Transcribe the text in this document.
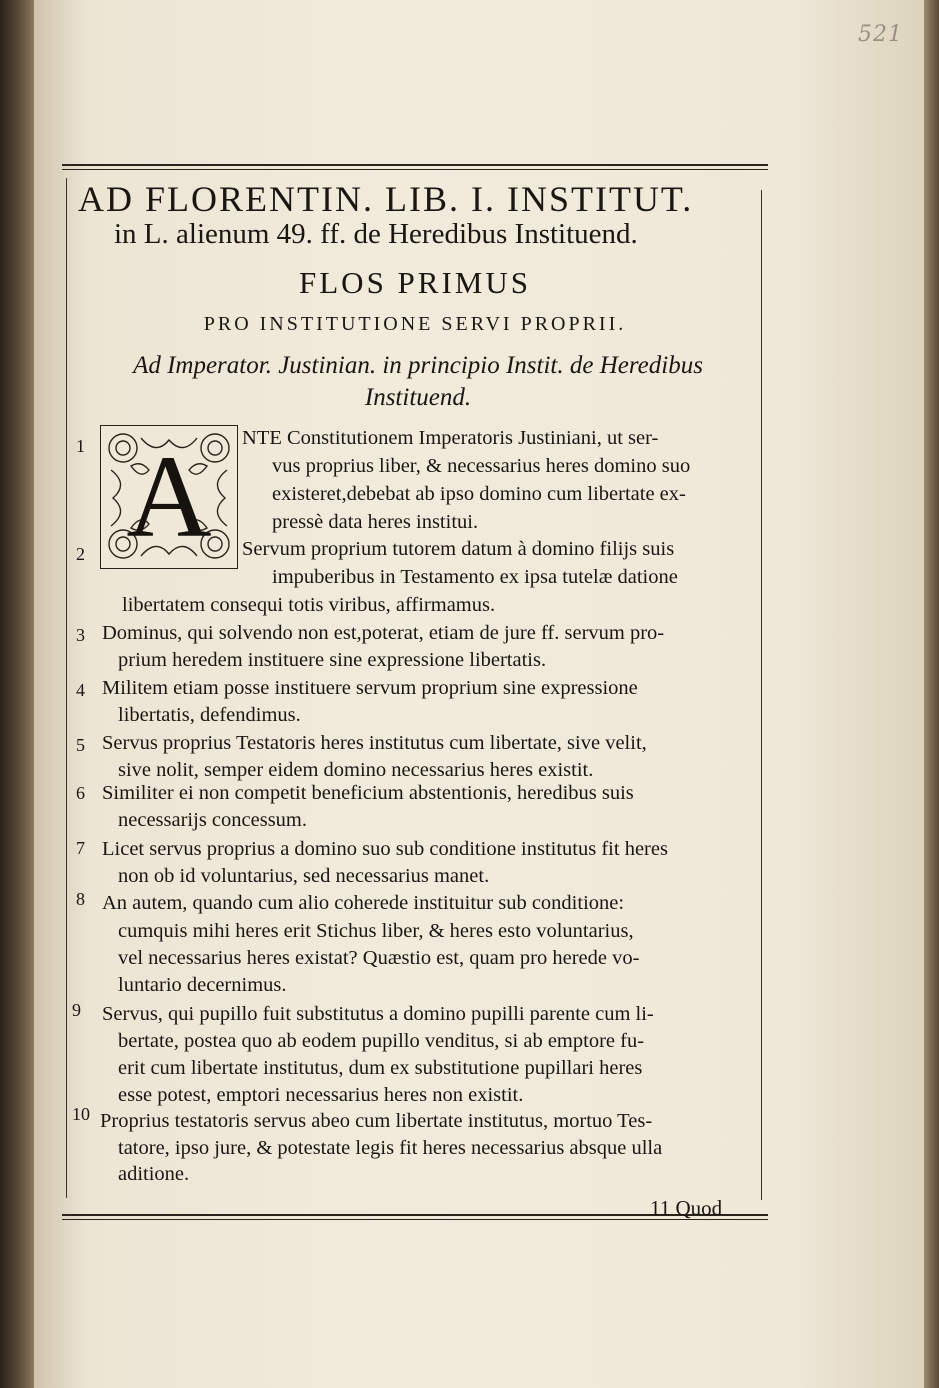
521
AD FLORENTIN. LIB. I. INSTITUT.
in L. alienum 49. ff. de Heredibus Instituend.
FLOS PRIMUS
PRO INSTITUTIONE SERVI PROPRII.
Ad Imperator. Justinian. in principio Instit. de Heredibus
Instituend.
A
1	NTE Constitutionem Imperatoris Justiniani, ut ser-
vus proprius liber, & necessarius heres domino suo
existeret,debebat ab ipso domino cum libertate ex-
pressè data heres institui.
2	Servum proprium tutorem datum à domino filijs suis
impuberibus in Testamento ex ipsa tutelæ datione
libertatem consequi totis viribus, affirmamus.
3 Dominus, qui solvendo non est,poterat, etiam de jure ff. servum pro-
prium heredem instituere sine expressione libertatis.
4 Militem etiam posse instituere servum proprium sine expressione
libertatis, defendimus.
5 Servus proprius Testatoris heres institutus cum libertate, sive velit,
sive nolit, semper eidem domino necessarius heres existit.
6 Similiter ei non competit beneficium abstentionis, heredibus suis
necessarijs concessum.
7 Licet servus proprius a domino suo sub conditione institutus fit heres
non ob id voluntarius, sed necessarius manet.
8 An autem, quando cum alio coherede instituitur sub conditione:
cumquis mihi heres erit Stichus liber, & heres esto voluntarius,
vel necessarius heres existat? Quæstio est, quam pro herede vo-
luntario decernimus.
9 Servus, qui pupillo fuit substitutus a domino pupilli parente cum li-
bertate, postea quo ab eodem pupillo venditus, si ab emptore fu-
erit cum libertate institutus, dum ex substitutione pupillari heres
esse potest, emptori necessarius heres non existit.
10 Proprius testatoris servus abeo cum libertate institutus, mortuo Tes-
tatore, ipso jure, & potestate legis fit heres necessarius absque ulla
aditione.
11 Quod
